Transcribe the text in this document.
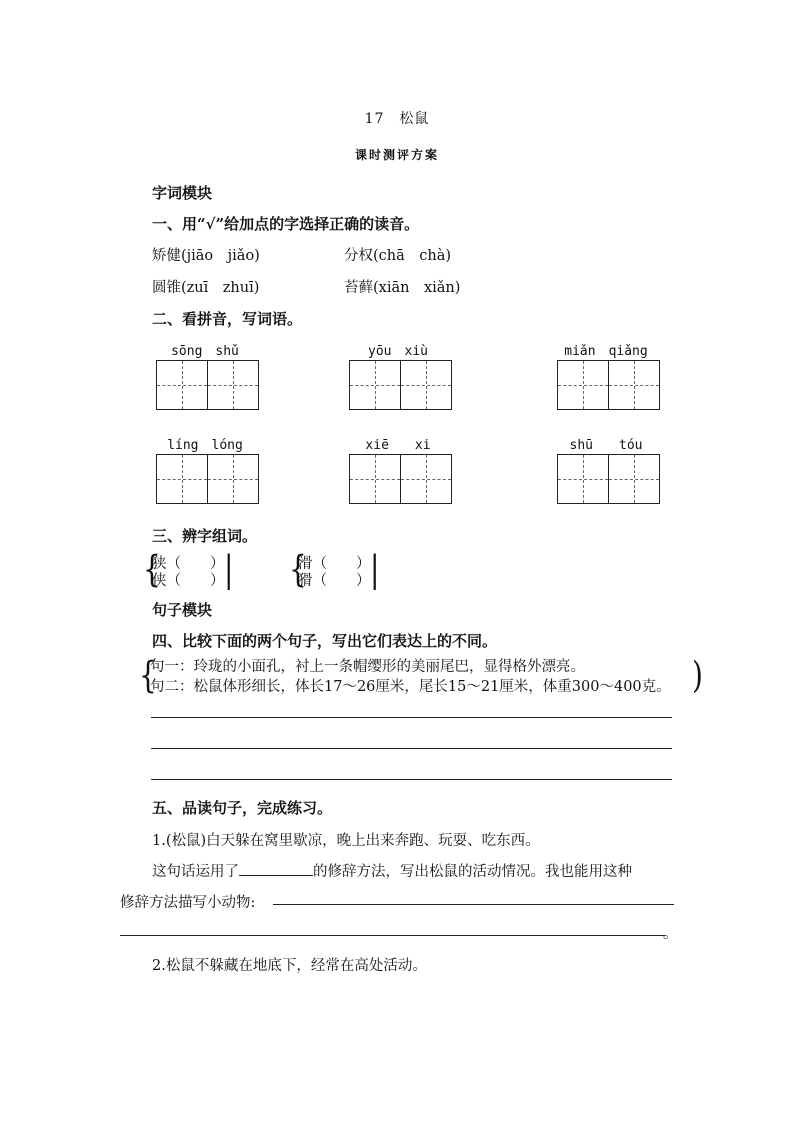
17　松鼠
课时测评方案
字词模块
一、用“√”给加点的字选择正确的读音。
矫健(jiāo　jiǎo)	分权(chā　chà)
圆锥(zuī　zhuī)	苔藓(xiān　xiǎn)
二、看拼音，写词语。
sōng　shǔ	yōu　xiù	miǎn　qiǎng
líng　lóng	xiē　　xi	shū　　tóu
三、辨字组词。
{
狭（　　）
侠（　　） | {
滑（　　）
猾（　　） |
句子模块
四、比较下面的两个句子，写出它们表达上的不同。
{
句一：玲珑的小面孔，衬上一条帽缨形的美丽尾巴，显得格外漂亮。
句二：松鼠体形细长，体长17～26厘米，尾长15～21厘米，体重300～400克。 )
五、品读句子，完成练习。
1.(松鼠)白天躲在窝里歇凉，晚上出来奔跑、玩耍、吃东西。
这句话运用了	的修辞方法，写出松鼠的活动情况。我也能用这种
修辞方法描写小动物:
。
2.松鼠不躲藏在地底下，经常在高处活动。
